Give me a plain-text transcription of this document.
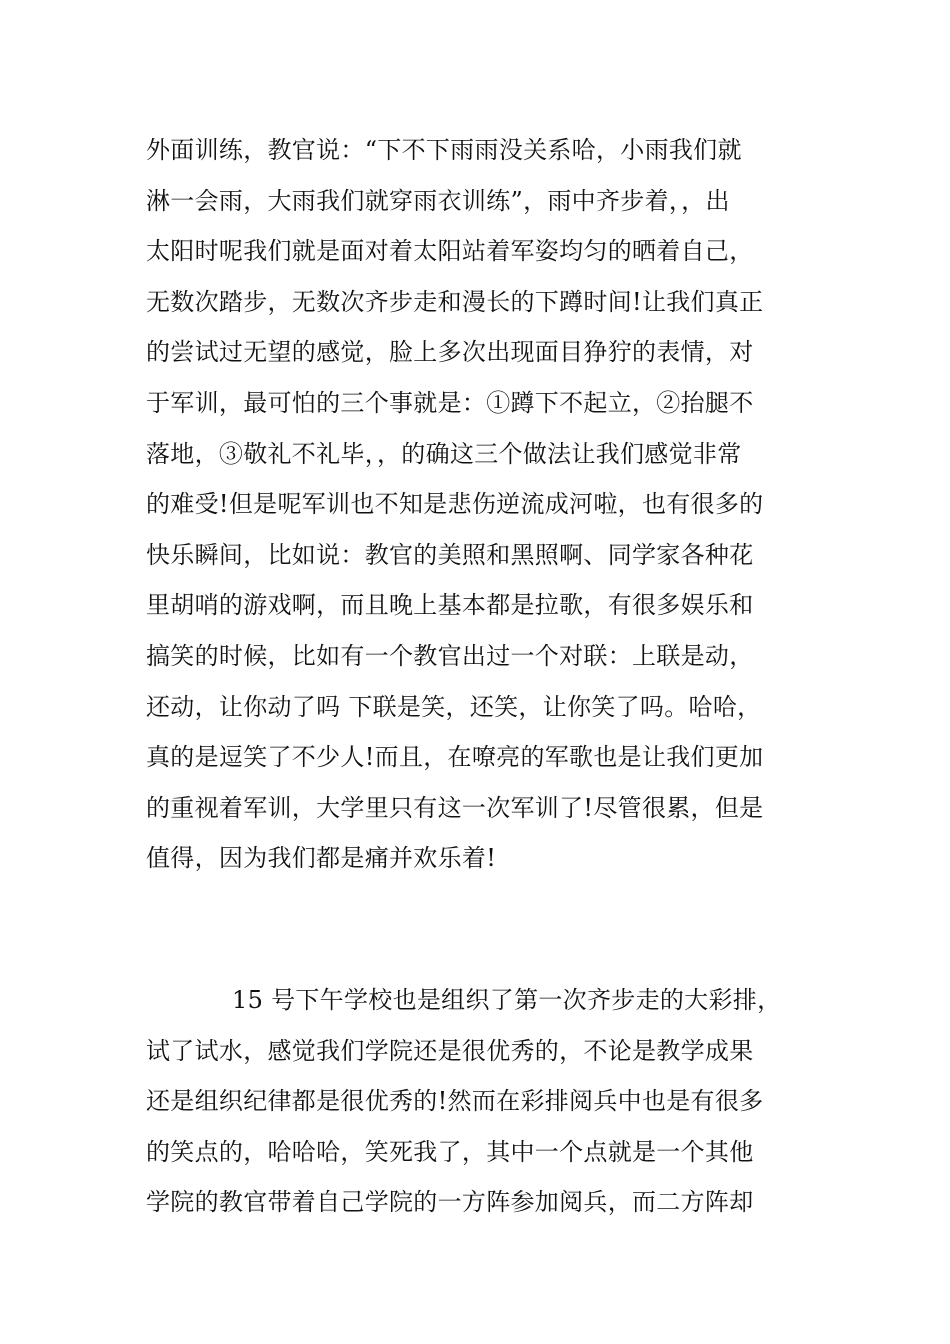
外面训练，教官说：“下不下雨雨没关系哈，小雨我们就
淋一会雨，大雨我们就穿雨衣训练”，雨中齐步着，，出
太阳时呢我们就是面对着太阳站着军姿均匀的晒着自己，
无数次踏步，无数次齐步走和漫长的下蹲时间!让我们真正
的尝试过无望的感觉，脸上多次出现面目狰狞的表情，对
于军训，最可怕的三个事就是：①蹲下不起立，②抬腿不
落地，③敬礼不礼毕，，的确这三个做法让我们感觉非常
的难受!但是呢军训也不知是悲伤逆流成河啦，也有很多的
快乐瞬间，比如说：教官的美照和黑照啊、同学家各种花
里胡哨的游戏啊，而且晚上基本都是拉歌，有很多娱乐和
搞笑的时候，比如有一个教官出过一个对联：上联是动，
还动，让你动了吗 下联是笑，还笑，让你笑了吗。哈哈，
真的是逗笑了不少人!而且，在嘹亮的军歌也是让我们更加
的重视着军训，大学里只有这一次军训了!尽管很累，但是
值得，因为我们都是痛并欢乐着!
15 号下午学校也是组织了第一次齐步走的大彩排，
试了试水，感觉我们学院还是很优秀的，不论是教学成果
还是组织纪律都是很优秀的!然而在彩排阅兵中也是有很多
的笑点的，哈哈哈，笑死我了，其中一个点就是一个其他
学院的教官带着自己学院的一方阵参加阅兵，而二方阵却
